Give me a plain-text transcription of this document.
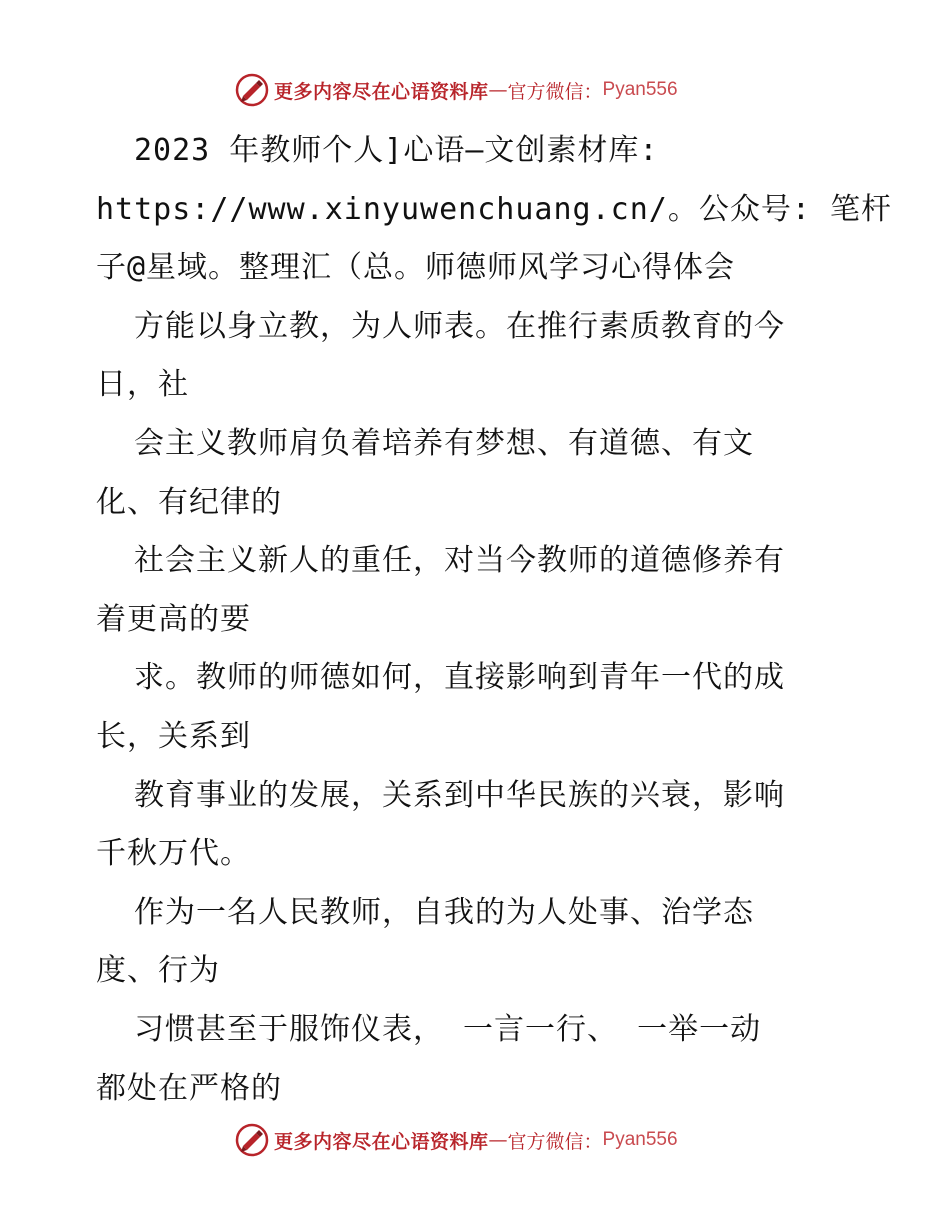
更多内容尽在心语资料库 — 官方微信： Pyan556
2023 年教师个人]心语—文创素材库:
https://www.xinyuwenchuang.cn/。公众号: 笔杆
子@星域。整理汇（总。师德师风学习心得体会
方能以身立教，为人师表。在推行素质教育的今
日，社
会主义教师肩负着培养有梦想、有道德、有文
化、有纪律的
社会主义新人的重任，对当今教师的道德修养有
着更高的要
求。教师的师德如何，直接影响到青年一代的成
长，关系到
教育事业的发展，关系到中华民族的兴衰，影响
千秋万代。
作为一名人民教师，自我的为人处事、治学态
度、行为
习惯甚至于服饰仪表， 一言一行、 一举一动
都处在严格的
更多内容尽在心语资料库 — 官方微信： Pyan556
